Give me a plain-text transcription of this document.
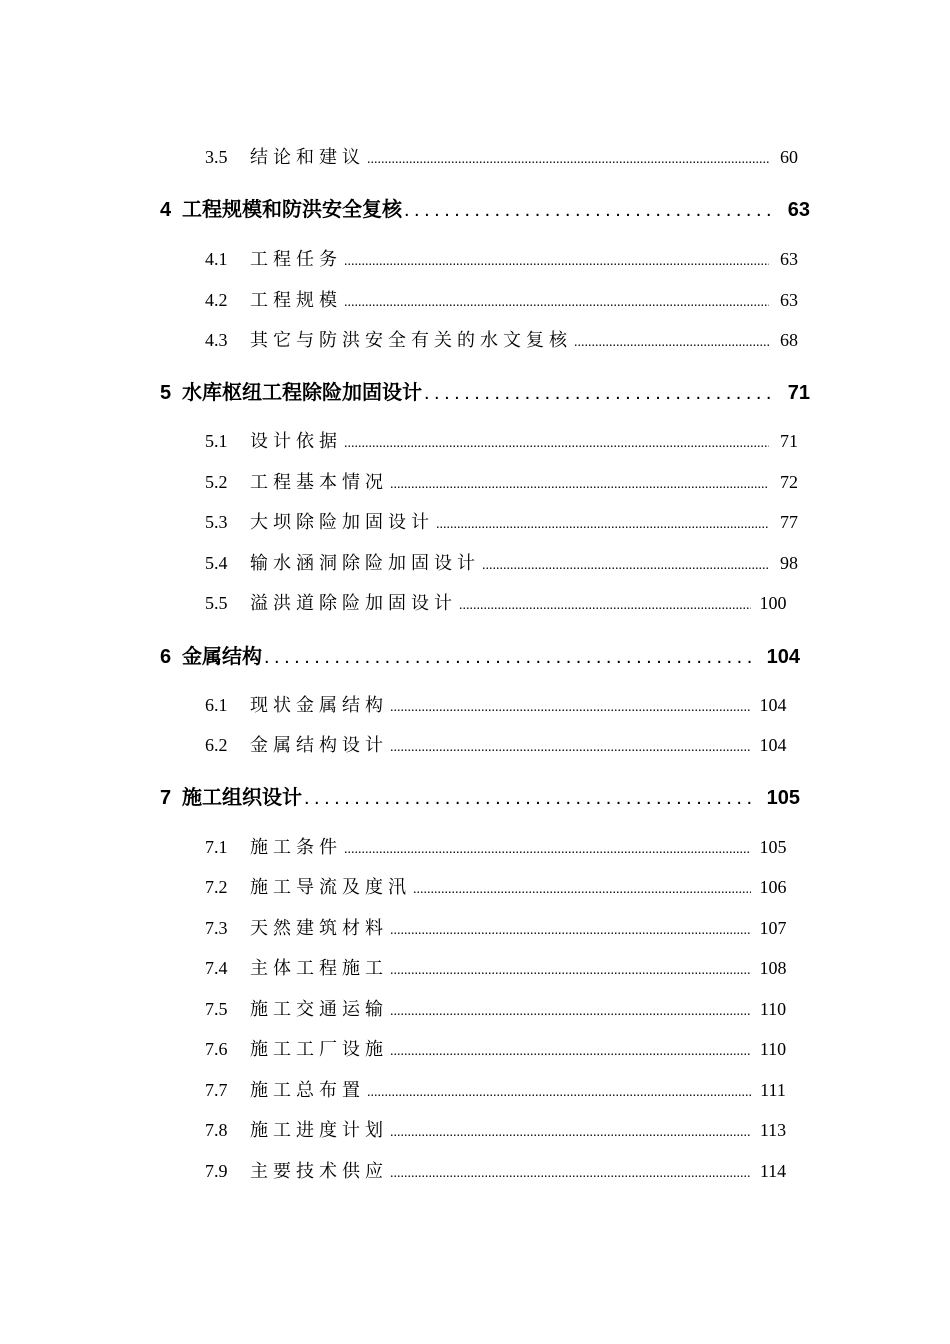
3.5	结论和建议 .....	60
4 工程规模和防洪安全复核 .....	63
4.1	工程任务 .....	63
4.2	工程规模 .....	63
4.3	其它与防洪安全有关的水文复核 .....	68
5 水库枢纽工程除险加固设计 .....	71
5.1	设计依据 .....	71
5.2	工程基本情况 .....	72
5.3	大坝除险加固设计 .....	77
5.4	输水涵洞除险加固设计 .....	98
5.5	溢洪道除险加固设计 .....	100
6 金属结构 .....	104
6.1	现状金属结构 .....	104
6.2	金属结构设计 .....	104
7 施工组织设计 .....	105
7.1	施工条件 .....	105
7.2	施工导流及度汛 .....	106
7.3	天然建筑材料 .....	107
7.4	主体工程施工 .....	108
7.5	施工交通运输 .....	110
7.6	施工工厂设施 .....	110
7.7	施工总布置 .....	111
7.8	施工进度计划 .....	113
7.9	主要技术供应 .....	114
